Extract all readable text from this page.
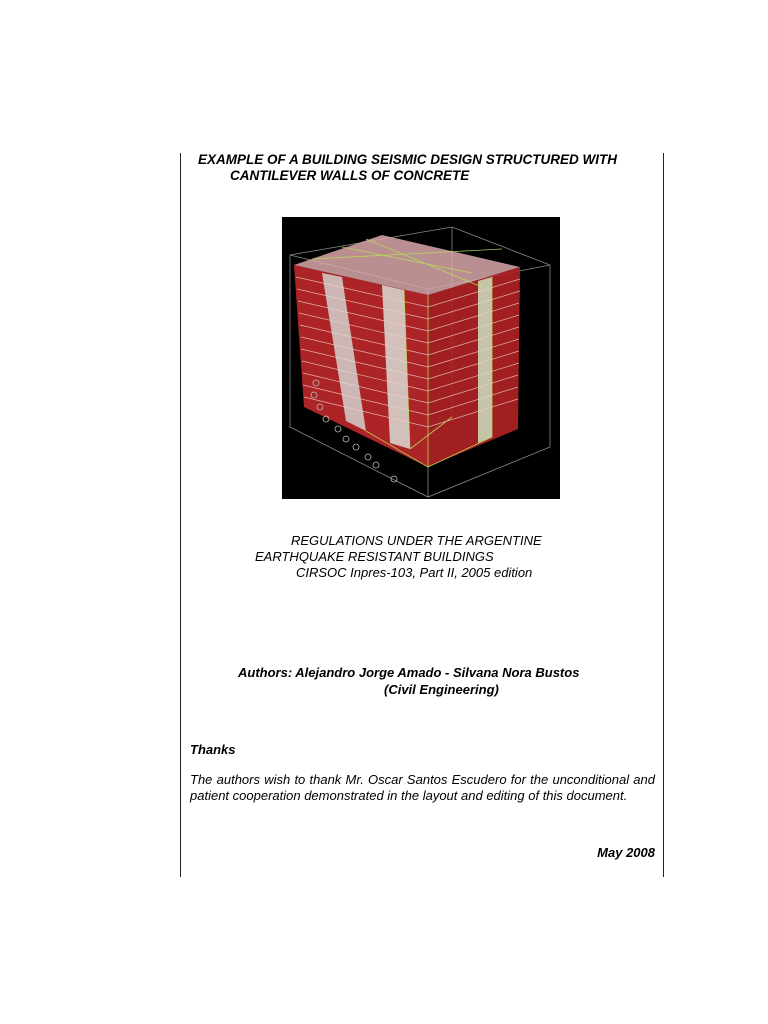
EXAMPLE OF A BUILDING SEISMIC DESIGN STRUCTURED WITH
CANTILEVER WALLS OF CONCRETE
REGULATIONS UNDER THE ARGENTINE
EARTHQUAKE RESISTANT BUILDINGS
CIRSOC Inpres-103, Part II, 2005 edition
Authors: Alejandro Jorge Amado - Silvana Nora Bustos
(Civil Engineering)
Thanks
The authors wish to thank Mr. Oscar Santos Escudero for the unconditional and patient cooperation demonstrated in the layout and editing of this document.
May 2008
